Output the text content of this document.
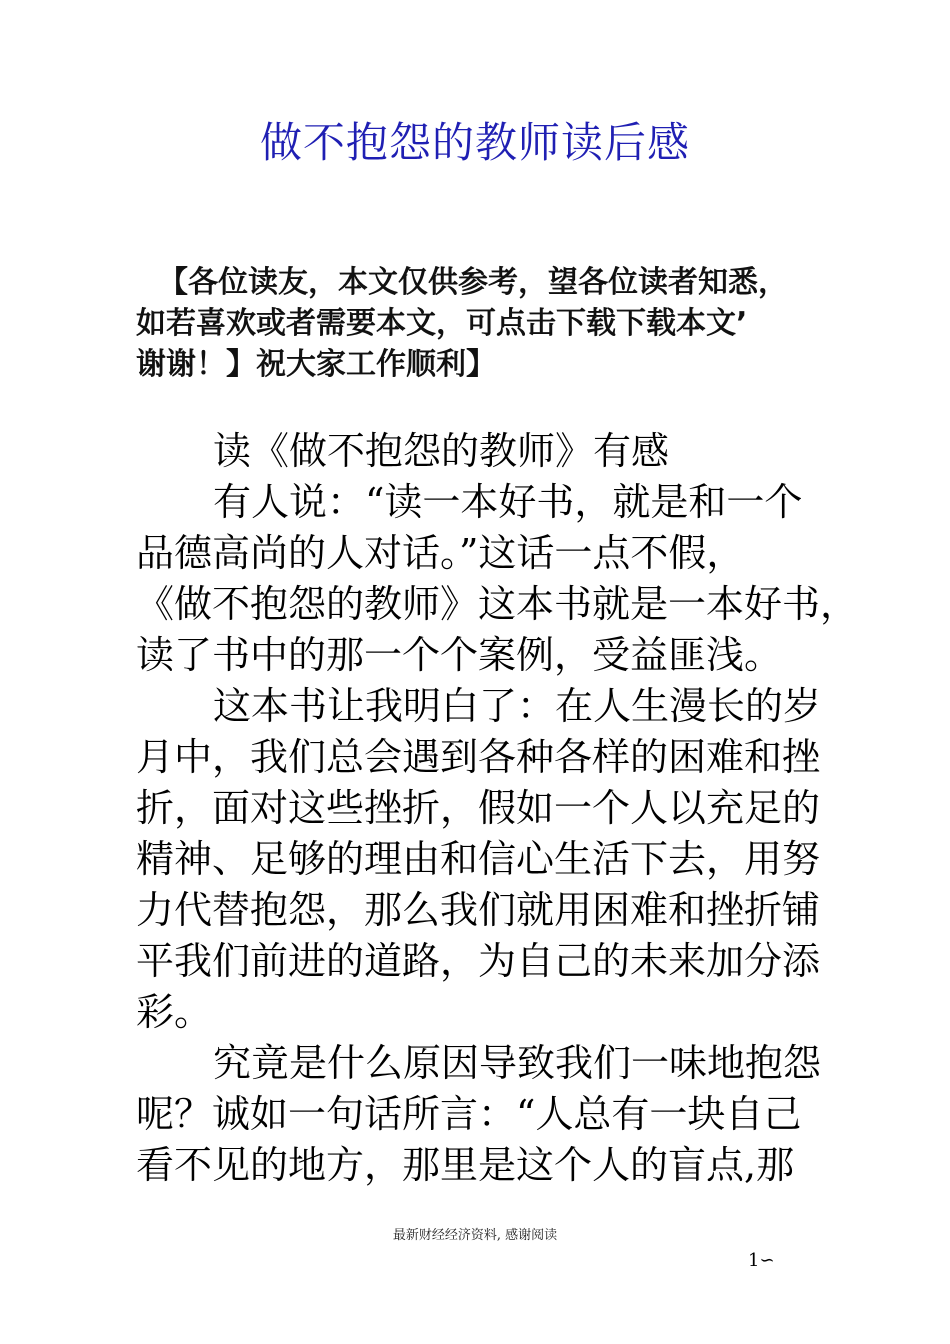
做不抱怨的教师读后感
【各位读友，本文仅供参考，望各位读者知悉，
如若喜欢或者需要本文，可点击下载下载本文’
谢谢！】祝大家工作顺利】
读《做不抱怨的教师》有感
有人说：“读一本好书，就是和一个
品德高尚的人对话。”这话一点不假，
《做不抱怨的教师》这本书就是一本好书，
读了书中的那一个个案例，受益匪浅。
这本书让我明白了：在人生漫长的岁
月中，我们总会遇到各种各样的困难和挫
折，面对这些挫折，假如一个人以充足的
精神、足够的理由和信心生活下去，用努
力代替抱怨，那么我们就用困难和挫折铺
平我们前进的道路，为自己的未来加分添
彩。
究竟是什么原因导致我们一味地抱怨
呢？诚如一句话所言：“人总有一块自己
看不见的地方，那里是这个人的盲点,那
最新财经经济资料, 感谢阅读
1∽
